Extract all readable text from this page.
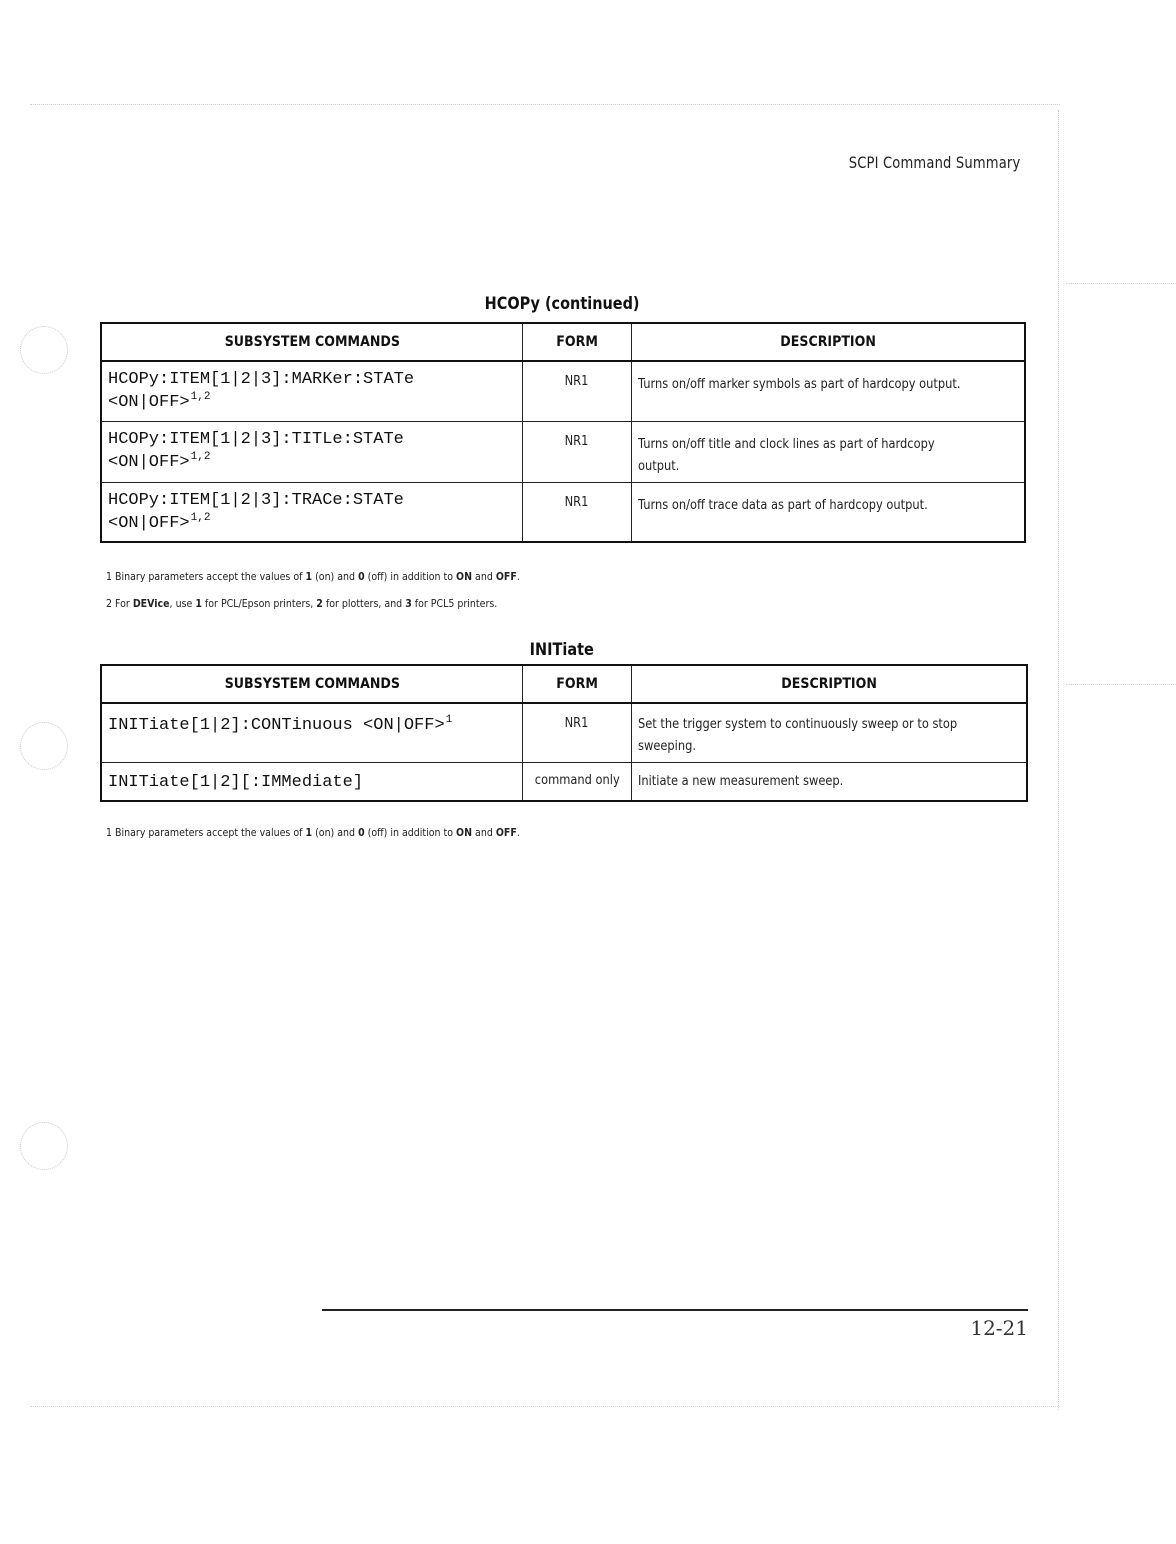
SCPI Command Summary
HCOPy (continued)
SUBSYSTEM COMMANDS	FORM	DESCRIPTION

HCOPy:ITEM[1|2|3]:MARKer:STATe
<ON|OFF>$^{1,2}$	NR1	Turns on/off marker symbols as part of hardcopy output.

HCOPy:ITEM[1|2|3]:TITLe:STATe
<ON|OFF>$^{1,2}$	NR1	Turns on/off title and clock lines as part of hardcopy output.

HCOPy:ITEM[1|2|3]:TRACe:STATe
<ON|OFF>$^{1,2}$	NR1	Turns on/off trace data as part of hardcopy output.
1 Binary parameters accept the values of 1 (on) and 0 (off) in addition to ON and OFF.
2 For DEVice, use 1 for PCL/Epson printers, 2 for plotters, and 3 for PCL5 printers.
INITiate
SUBSYSTEM COMMANDS	FORM	DESCRIPTION
INITiate[1|2]:CONTinuous <ON|OFF>$^1$	NR1	Set the trigger system to continuously sweep or to stop
sweeping.

INITiate[1|2][:IMMediate]	command only	Initiate a new measurement sweep.
1 Binary parameters accept the values of 1 (on) and 0 (off) in addition to ON and OFF.
12-21
